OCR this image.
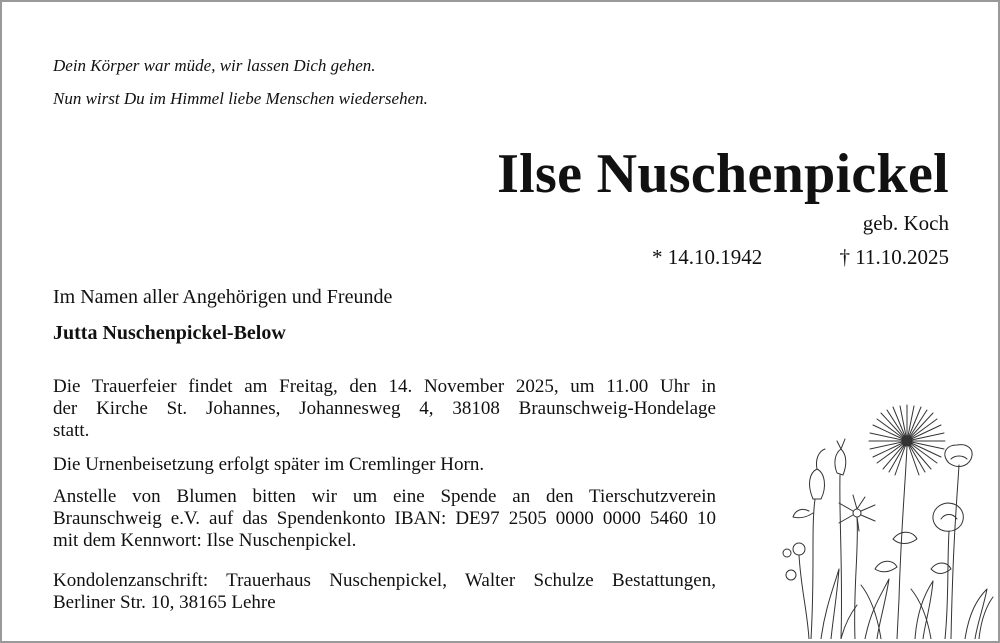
Dein Körper war müde, wir lassen Dich gehen.
Nun wirst Du im Himmel liebe Menschen wiedersehen.
Ilse Nuschenpickel
geb. Koch
* 14.10.1942	† 11.10.2025
Im Namen aller Angehörigen und Freunde
Jutta Nuschenpickel-Below
Die Trauerfeier findet am Freitag, den 14. November 2025, um 11.00 Uhr in
der Kirche St. Johannes, Johannesweg 4, 38108 Braunschweig-Hondelage
statt.
Die Urnenbeisetzung erfolgt später im Cremlinger Horn.
Anstelle von Blumen bitten wir um eine Spende an den Tierschutzverein
Braunschweig e.V. auf das Spendenkonto IBAN: DE97 2505 0000 0000 5460 10
mit dem Kennwort: Ilse Nuschenpickel.
Kondolenzanschrift: Trauerhaus Nuschenpickel, Walter Schulze Bestattungen,
Berliner Str. 10, 38165 Lehre
